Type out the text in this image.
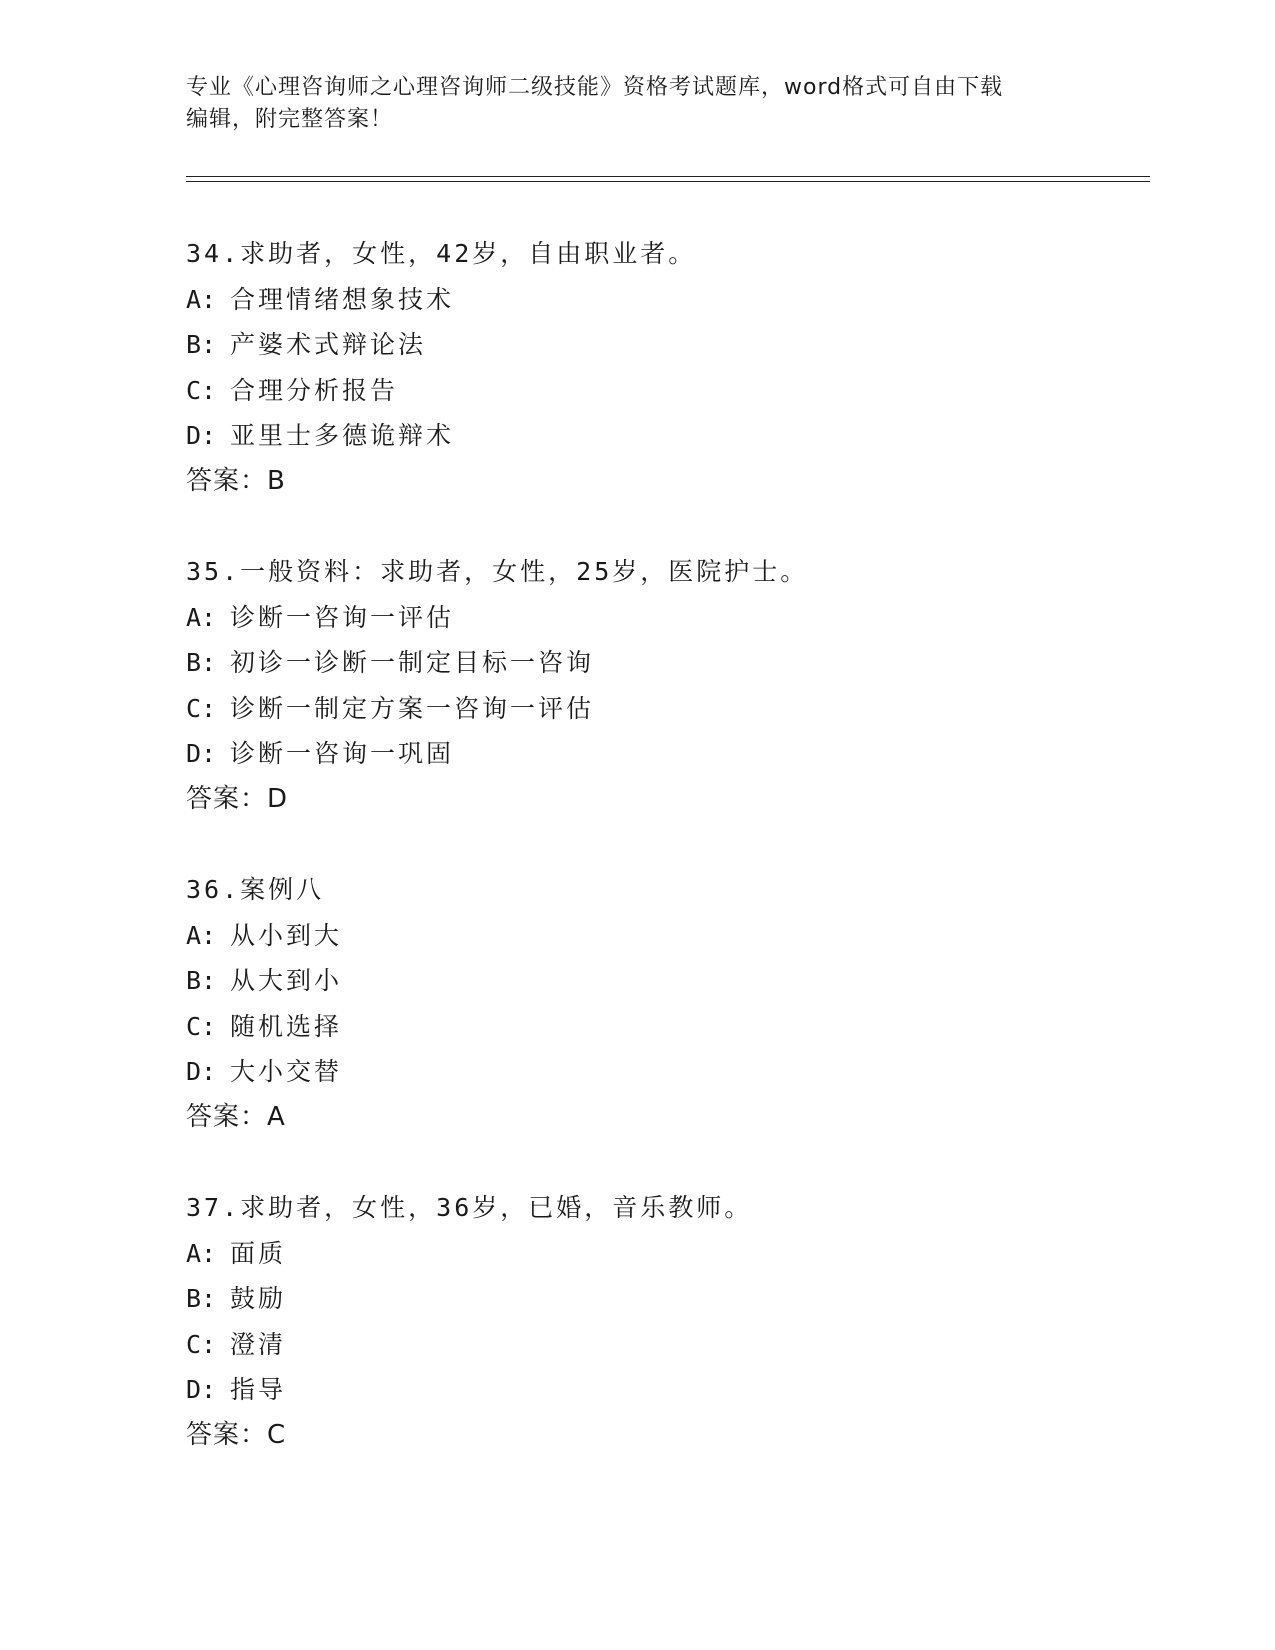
专业《心理咨询师之心理咨询师二级技能》资格考试题库，word格式可自由下载
编辑，附完整答案！
34.求助者，女性，42岁，自由职业者。
A: 合理情绪想象技术
B: 产婆术式辩论法
C: 合理分析报告
D: 亚里士多德诡辩术
答案：B
35.一般资料：求助者，女性，25岁，医院护士。
A: 诊断一咨询一评估
B: 初诊一诊断一制定目标一咨询
C: 诊断一制定方案一咨询一评估
D: 诊断一咨询一巩固
答案：D
36.案例八
A: 从小到大
B: 从大到小
C: 随机选择
D: 大小交替
答案：A
37.求助者，女性，36岁，已婚，音乐教师。
A: 面质
B: 鼓励
C: 澄清
D: 指导
答案：C
